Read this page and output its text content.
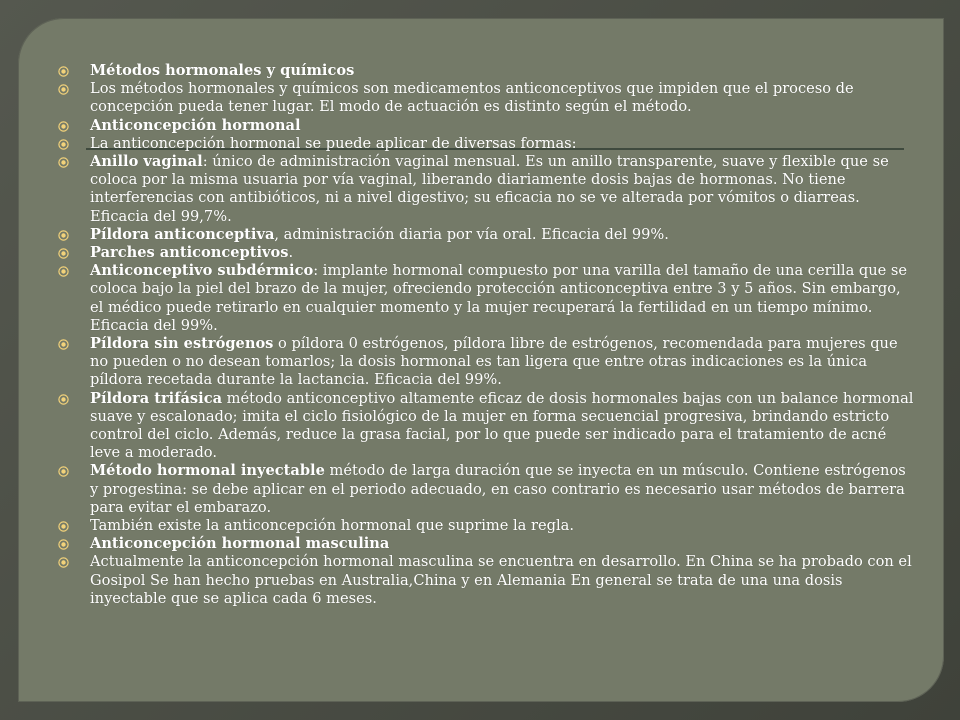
Métodos hormonales y químicos
Los métodos hormonales y químicos son medicamentos anticonceptivos que impiden que el proceso de concepción pueda tener lugar. El modo de actuación es distinto según el método.
Anticoncepción hormonal
La anticoncepción hormonal se puede aplicar de diversas formas:
Anillo vaginal: único de administración vaginal mensual. Es un anillo transparente, suave y flexible que se coloca por la misma usuaria por vía vaginal, liberando diariamente dosis bajas de hormonas. No tiene interferencias con antibióticos, ni a nivel digestivo; su eficacia no se ve alterada por vómitos o diarreas. Eficacia del 99,7%.
Píldora anticonceptiva, administración diaria por vía oral. Eficacia del 99%.
Parches anticonceptivos.
Anticonceptivo subdérmico: implante hormonal compuesto por una varilla del tamaño de una cerilla que se coloca bajo la piel del brazo de la mujer, ofreciendo protección anticonceptiva entre 3 y 5 años. Sin embargo, el médico puede retirarlo en cualquier momento y la mujer recuperará la fertilidad en un tiempo mínimo. Eficacia del 99%.
Píldora sin estrógenos o píldora 0 estrógenos, píldora libre de estrógenos, recomendada para mujeres que no pueden o no desean tomarlos; la dosis hormonal es tan ligera que entre otras indicaciones es la única píldora recetada durante la lactancia. Eficacia del 99%.
Píldora trifásica método anticonceptivo altamente eficaz de dosis hormonales bajas con un balance hormonal suave y escalonado; imita el ciclo fisiológico de la mujer en forma secuencial progresiva, brindando estricto control del ciclo. Además, reduce la grasa facial, por lo que puede ser indicado para el tratamiento de acné leve a moderado.
Método hormonal inyectable método de larga duración que se inyecta en un músculo. Contiene estrógenos y progestina: se debe aplicar en el periodo adecuado, en caso contrario es necesario usar métodos de barrera para evitar el embarazo.
También existe la anticoncepción hormonal que suprime la regla.
Anticoncepción hormonal masculina
Actualmente la anticoncepción hormonal masculina se encuentra en desarrollo. En China se ha probado con el Gosipol Se han hecho pruebas en Australia,China y en Alemania En general se trata de una una dosis inyectable que se aplica cada 6 meses.
